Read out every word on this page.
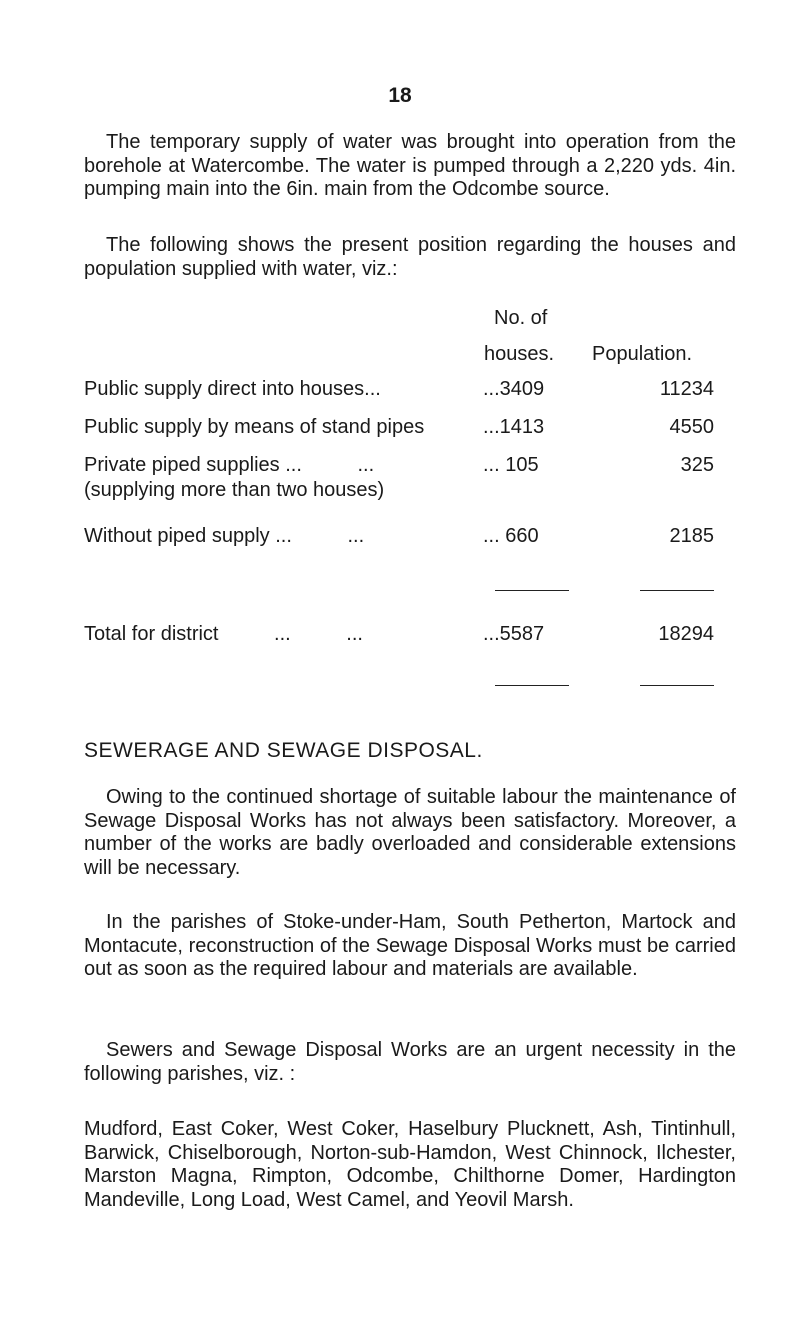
18

The temporary supply of water was brought into operation from the borehole at Watercombe. The water is pumped through a 2,220 yds. 4in. pumping main into the 6in. main from the Odcombe source.

The following shows the present position regarding the houses and population supplied with water, viz.:

No. of
houses. Population.
Public supply direct into houses...	...3409	11234
Public supply by means of stand pipes	...1413	4550
Private piped supplies ...          ...	... 105	325
(supplying more than two houses)
Without piped supply ...          ...	... 660	2185
Total for district          ...          ...	...5587	18294
SEWERAGE AND SEWAGE DISPOSAL.

Owing to the continued shortage of suitable labour the maintenance of Sewage Disposal Works has not always been satisfactory. Moreover, a number of the works are badly overloaded and considerable extensions will be necessary.

In the parishes of Stoke-under-Ham, South Petherton, Martock and Montacute, reconstruction of the Sewage Disposal Works must be carried out as soon as the required labour and materials are available.

Sewers and Sewage Disposal Works are an urgent necessity in the following parishes, viz. :

Mudford, East Coker, West Coker, Haselbury Plucknett, Ash, Tintinhull, Barwick, Chiselborough, Norton-sub-Hamdon, West Chinnock, Ilchester, Marston Magna, Rimpton, Odcombe, Chilthorne Domer, Hardington Mandeville, Long Load, West Camel, and Yeovil Marsh.
